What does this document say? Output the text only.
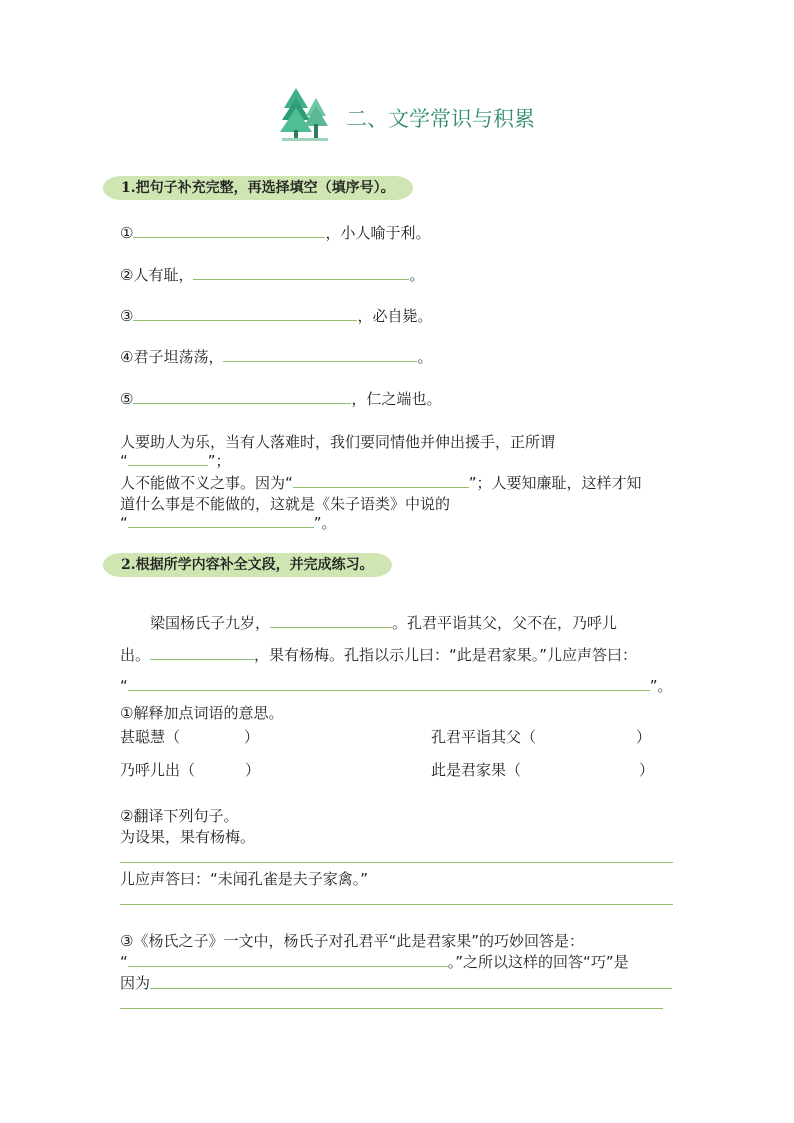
二、文学常识与积累
1.把句子补充完整，再选择填空（填序号）。
①	，小人喻于利。
②人有耻，	。
③	，必自毙。
④君子坦荡荡，	。
⑤	，仁之端也。
人要助人为乐，当有人落难时，我们要同情他并伸出援手，正所谓
“	”；
人不能做不义之事。因为“	”；人要知廉耻，这样才知
道什么事是不能做的，这就是《朱子语类》中说的
“	”。
2.根据所学内容补全文段，并完成练习。
梁国杨氏子九岁，	。孔君平诣其父，父不在，乃呼儿
出。	，果有杨梅。孔指以示儿曰：“此是君家果。”儿应声答曰：
“	”。
①解释加点词语的意思。
甚聪慧（	）	孔君平诣其父（	）
乃呼儿出（	）	此是君家果（	）
②翻译下列句子。
为设果，果有杨梅。
儿应声答曰：“未闻孔雀是夫子家禽。”
③《杨氏之子》一文中，杨氏子对孔君平“此是君家果”的巧妙回答是：
“	。”之所以这样的回答“巧”是
因为
